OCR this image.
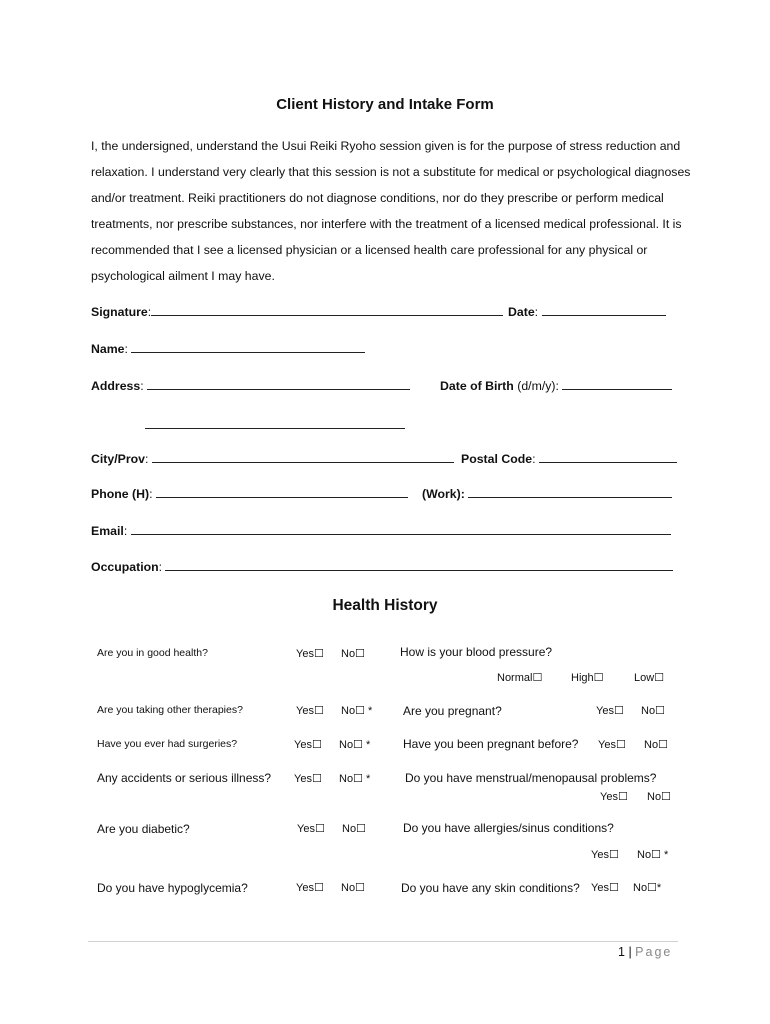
Client History and Intake Form
I, the undersigned, understand the Usui Reiki Ryoho session given is for the purpose of stress reduction and relaxation. I understand very clearly that this session is not a substitute for medical or psychological diagnoses and/or treatment. Reiki practitioners do not diagnose conditions, nor do they prescribe or perform medical treatments, nor prescribe substances, nor interfere with the treatment of a licensed medical professional. It is recommended that I see a licensed physician or a licensed health care professional for any physical or psychological ailment I may have.
Signature:	Date:
Name:
Address:	Date of Birth (d/m/y):
City/Prov:	Postal Code:
Phone (H):	(Work):
Email:
Occupation:
Health History
Are you in good health?	Yes☐ No☐	How is your blood pressure?
Normal☐	High☐	Low☐
Are you taking other therapies?	Yes☐ No☐ *	Are you pregnant?	Yes☐ No☐
Have you ever had surgeries?	Yes☐ No☐ *	Have you been pregnant before? Yes☐ No☐
Any accidents or serious illness? Yes☐ No☐ *	Do you have menstrual/menopausal problems?
Yes☐ No☐
Are you diabetic?	Yes☐ No☐	Do you have allergies/sinus conditions?
Yes☐ No☐ *
Do you have hypoglycemia?	Yes☐ No☐	Do you have any skin conditions? Yes☐ No☐*
1 | Page
